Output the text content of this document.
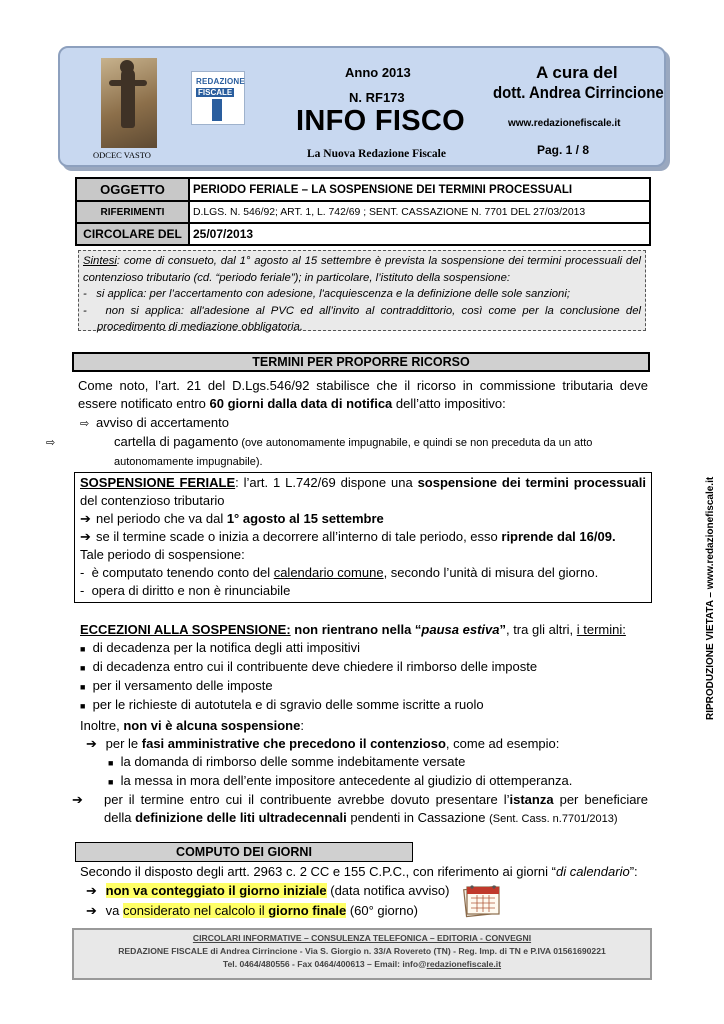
ODCEC VASTO
REDAZIONE
FISCALE
Anno 2013
N. RF173
INFO FISCO
La Nuova Redazione Fiscale
A cura del
dott. Andrea Cirrincione
www.redazionefiscale.it
Pag. 1 / 8
OGGETTO	PERIODO FERIALE – LA SOSPENSIONE DEI TERMINI PROCESSUALI
RIFERIMENTI	D.LGS. N. 546/92; ART. 1, L. 742/69 ; SENT. CASSAZIONE N. 7701 DEL 27/03/2013
CIRCOLARE DEL	25/07/2013
Sintesi: come di consueto, dal 1° agosto al 15 settembre è prevista la sospensione dei termini processuali del contenzioso tributario (cd. “periodo feriale”); in particolare, l’istituto della sospensione:
-   si applica: per l’accertamento con adesione, l'acquiescenza e la definizione delle sole sanzioni;
-   non si applica: all'adesione al PVC ed all’invito al contraddittorio, così come per la conclusione del procedimento di mediazione obbligatoria.
TERMINI PER PROPORRE RICORSO
Come noto, l’art. 21 del D.Lgs.546/92 stabilisce che il ricorso in commissione tributaria deve essere notificato entro 60 giorni dalla data di notifica dell’atto impositivo:
⇨ avviso di accertamento
⇨	cartella di pagamento (ove autonomamente impugnabile, e quindi se non preceduta da un atto autonomamente impugnabile).
SOSPENSIONE FERIALE: l’art. 1 L.742/69 dispone una sospensione dei termini processuali del contenzioso tributario
➔ nel periodo che va dal 1° agosto al 15 settembre
➔ se il termine scade o inizia a decorrere all’interno di tale periodo, esso riprende dal 16/09.
Tale periodo di sospensione:
-  è computato tenendo conto del calendario comune, secondo l’unità di misura del giorno.
-  opera di diritto e non è rinunciabile
ECCEZIONI ALLA SOSPENSIONE: non rientrano nella “pausa estiva”, tra gli altri, i termini:
■ di decadenza per la notifica degli atti impositivi
■ di decadenza entro cui il contribuente deve chiedere il rimborso delle imposte
■ per il versamento delle imposte
■ per le richieste di autotutela e di sgravio delle somme iscritte a ruolo
Inoltre, non vi è alcuna sospensione:
➔ per le fasi amministrative che precedono il contenzioso, come ad esempio:
■ la domanda di rimborso delle somme indebitamente versate
■ la messa in mora dell’ente impositore antecedente al giudizio di ottemperanza.
➔ per il termine entro cui il contribuente avrebbe dovuto presentare l’istanza per beneficiare della definizione delle liti ultradecennali pendenti in Cassazione (Sent. Cass. n.7701/2013)
COMPUTO DEI GIORNI
Secondo il disposto degli artt. 2963 c. 2 CC e 155 C.P.C., con riferimento ai giorni “di calendario”:
➔ non va conteggiato il giorno iniziale (data notifica avviso)
➔ va considerato nel calcolo il giorno finale (60° giorno)
CIRCOLARI INFORMATIVE – CONSULENZA TELEFONICA – EDITORIA - CONVEGNI
REDAZIONE FISCALE di Andrea Cirrincione - Via S. Giorgio n. 33/A Rovereto (TN) - Reg. Imp. di TN e P.IVA 01561690221
Tel. 0464/480556 - Fax 0464/400613 – Email: info@redazionefiscale.it
RIPRODUZIONE VIETATA – www.redazionefiscale.it
